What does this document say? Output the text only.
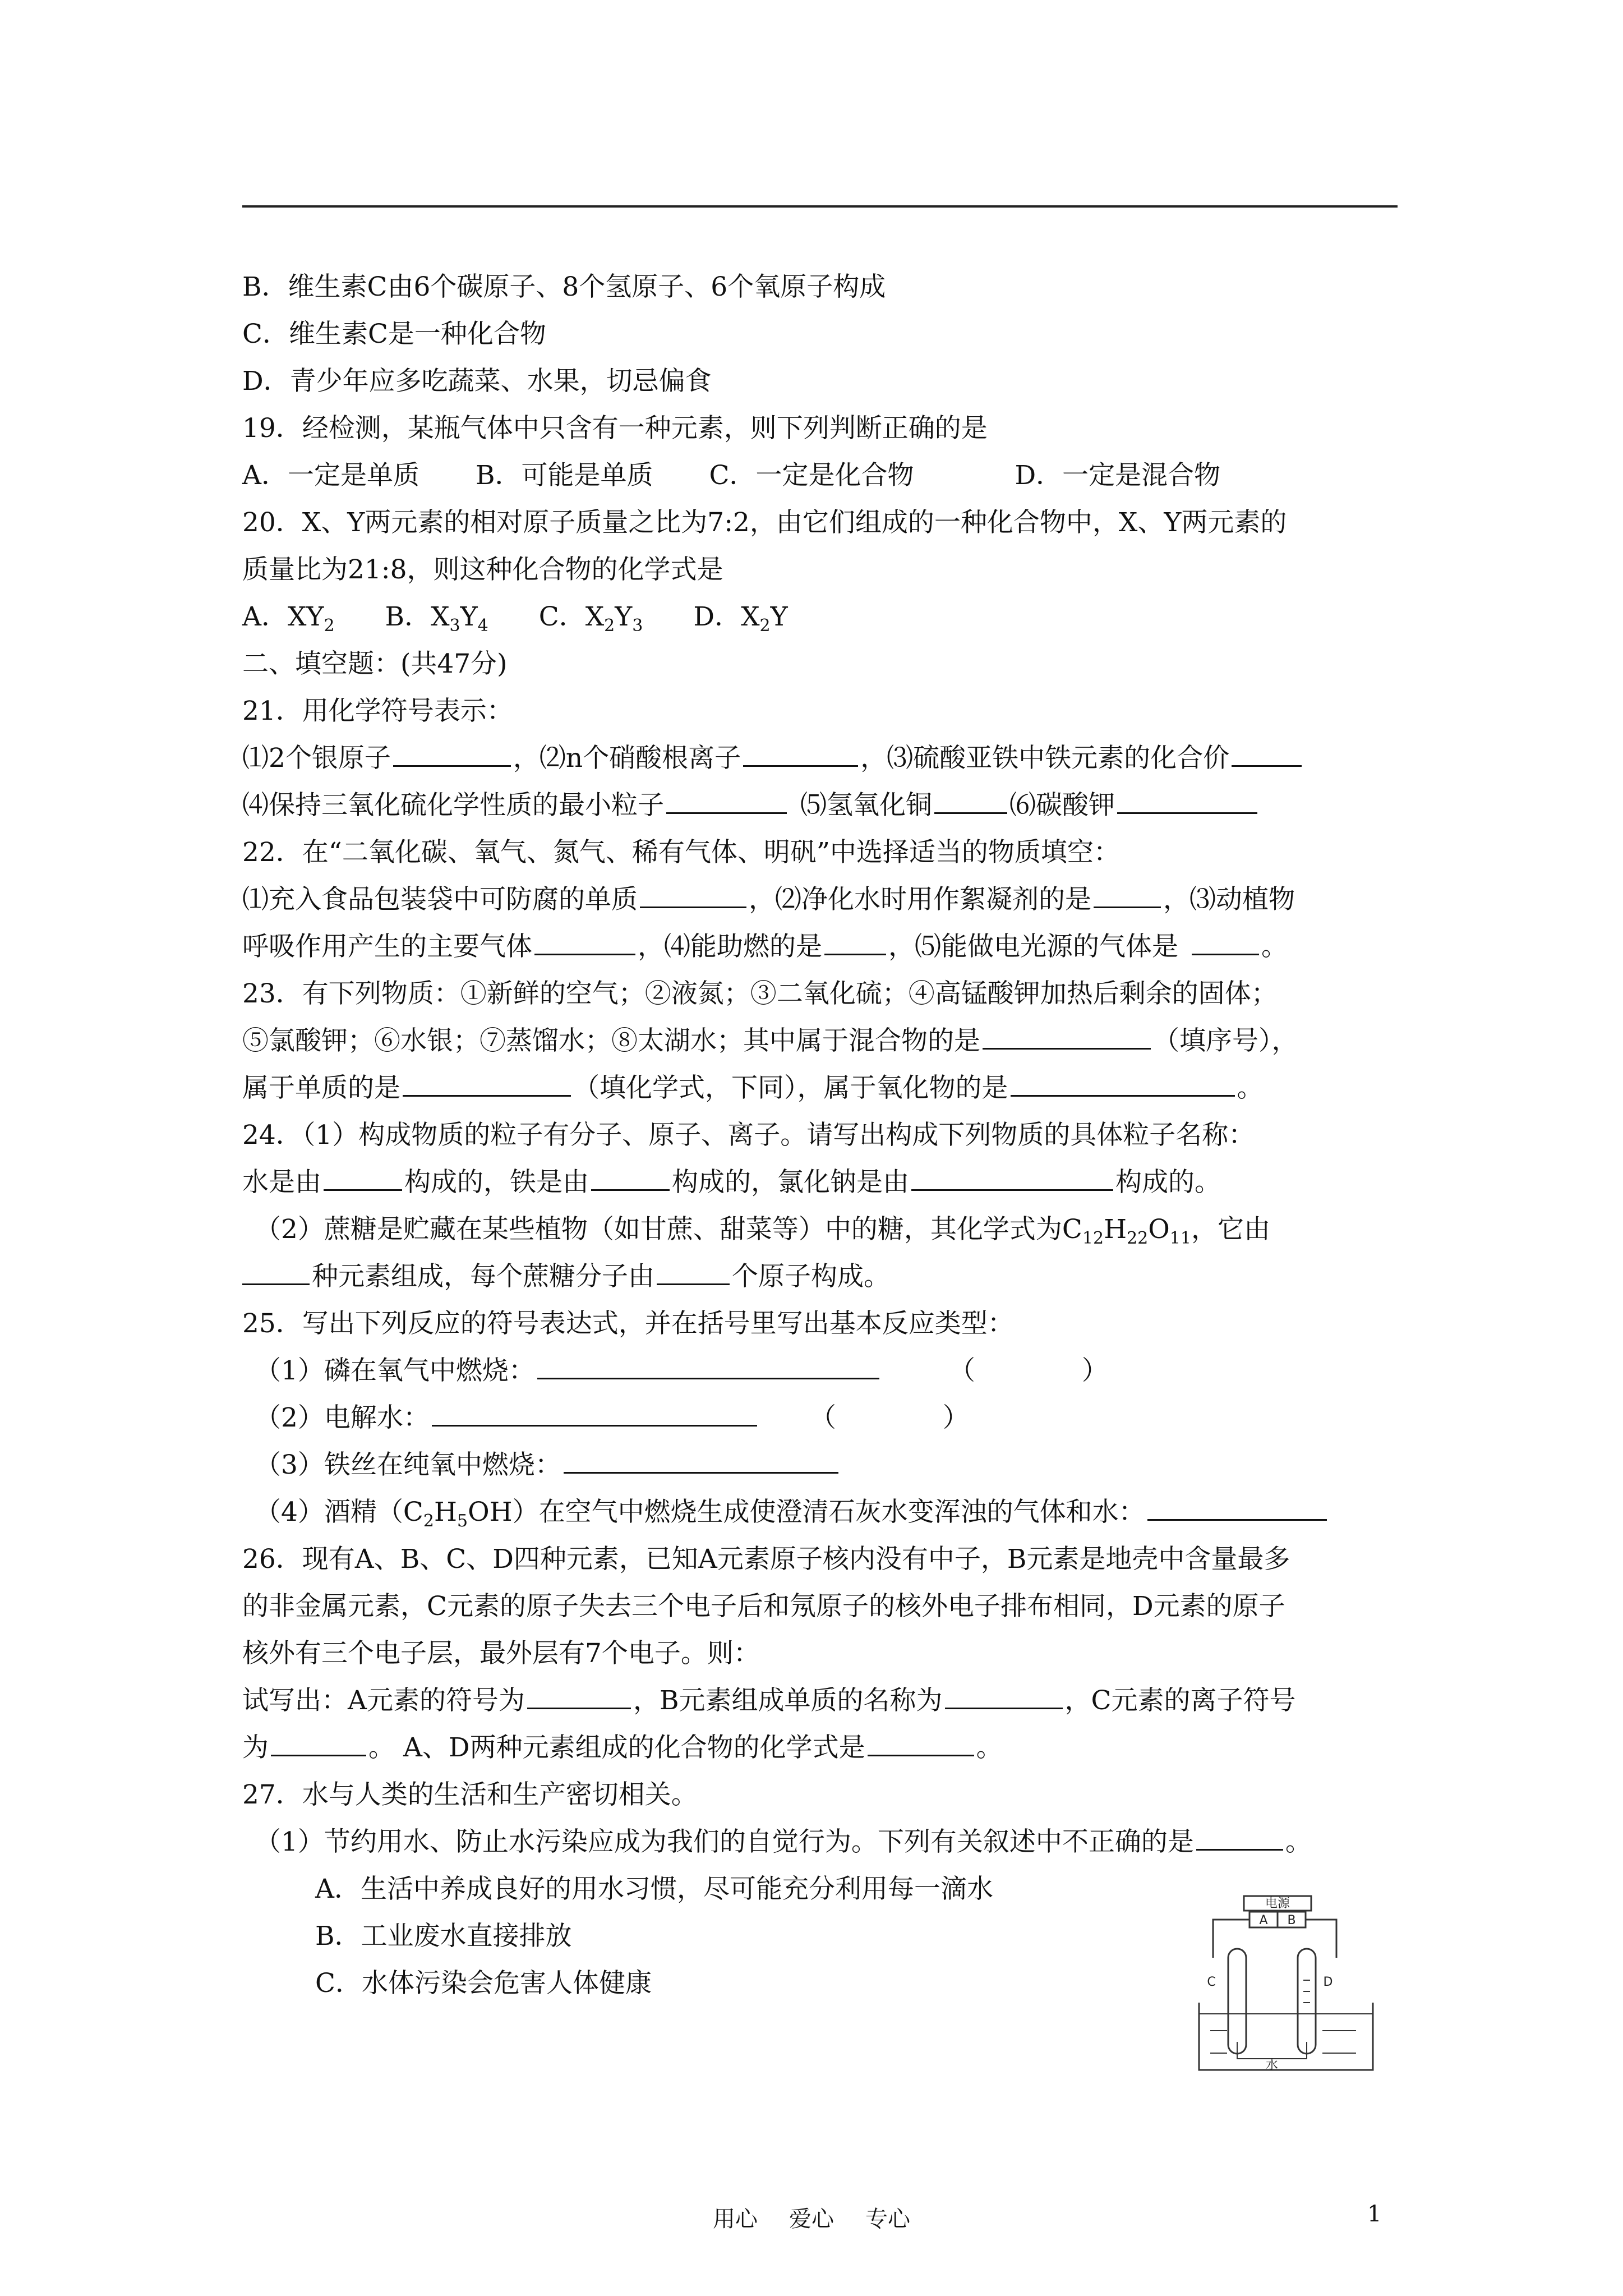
B．维生素C由6个碳原子、8个氢原子、6个氧原子构成
C．维生素C是一种化合物
D．青少年应多吃蔬菜、水果，切忌偏食
19．经检测，某瓶气体中只含有一种元素，则下列判断正确的是
A．一定是单质 B．可能是单质 C．一定是化合物	D．一定是混合物
20．X、Y两元素的相对原子质量之比为7:2，由它们组成的一种化合物中，X、Y两元素的
质量比为21:8，则这种化合物的化学式是
A．$XY_2$ B．$X_3Y_4$ C．$X_2Y_3$ D．$X_2Y$
二、填空题：(共47分)
21．用化学符号表示：
⑴2个银原子	，⑵n个硝酸根离子	，⑶硫酸亚铁中铁元素的化合价
⑷保持三氧化硫化学性质的最小粒子	⑸氢氧化铜	⑹碳酸钾
22．在“二氧化碳、氧气、氮气、稀有气体、明矾”中选择适当的物质填空：
⑴充入食品包装袋中可防腐的单质	，⑵净化水时用作絮凝剂的是	，⑶动植物
呼吸作用产生的主要气体	，⑷能助燃的是	，⑸能做电光源的气体是	。
23．有下列物质：①新鲜的空气；②液氮；③二氧化硫；④高锰酸钾加热后剩余的固体；
⑤氯酸钾；⑥水银；⑦蒸馏水；⑧太湖水；其中属于混合物的是	（填序号），
属于单质的是	（填化学式，下同），属于氧化物的是	。
24．（1）构成物质的粒子有分子、原子、离子。请写出构成下列物质的具体粒子名称：
水是由	构成的，铁是由	构成的，氯化钠是由	构成的。
（2）蔗糖是贮藏在某些植物（如甘蔗、甜菜等）中的糖，其化学式为$C_{12}H_{22}O_{11}$，它由
种元素组成，每个蔗糖分子由	个原子构成。
25．写出下列反应的符号表达式，并在括号里写出基本反应类型：
（1）磷在氧气中燃烧：	（	）
（2）电解水：	（	）
（3）铁丝在纯氧中燃烧：
（4）酒精$(C_2H_5OH)$在空气中燃烧生成使澄清石灰水变浑浊的气体和水：
26．现有A、B、C、D四种元素，已知A元素原子核内没有中子，B元素是地壳中含量最多
的非金属元素，C元素的原子失去三个电子后和氖原子的核外电子排布相同，D元素的原子
核外有三个电子层，最外层有7个电子。则：
试写出：A元素的符号为	，B元素组成单质的名称为	，C元素的离子符号
为	。 A、D两种元素组成的化合物的化学式是	。
27．水与人类的生活和生产密切相关。
（1）节约用水、防止水污染应成为我们的自觉行为。下列有关叙述中不正确的是	。
A．生活中养成良好的用水习惯，尽可能充分利用每一滴水
B．工业废水直接排放
C．水体污染会危害人体健康
电源
A B
C	D
水
用心 爱心 专心	1
